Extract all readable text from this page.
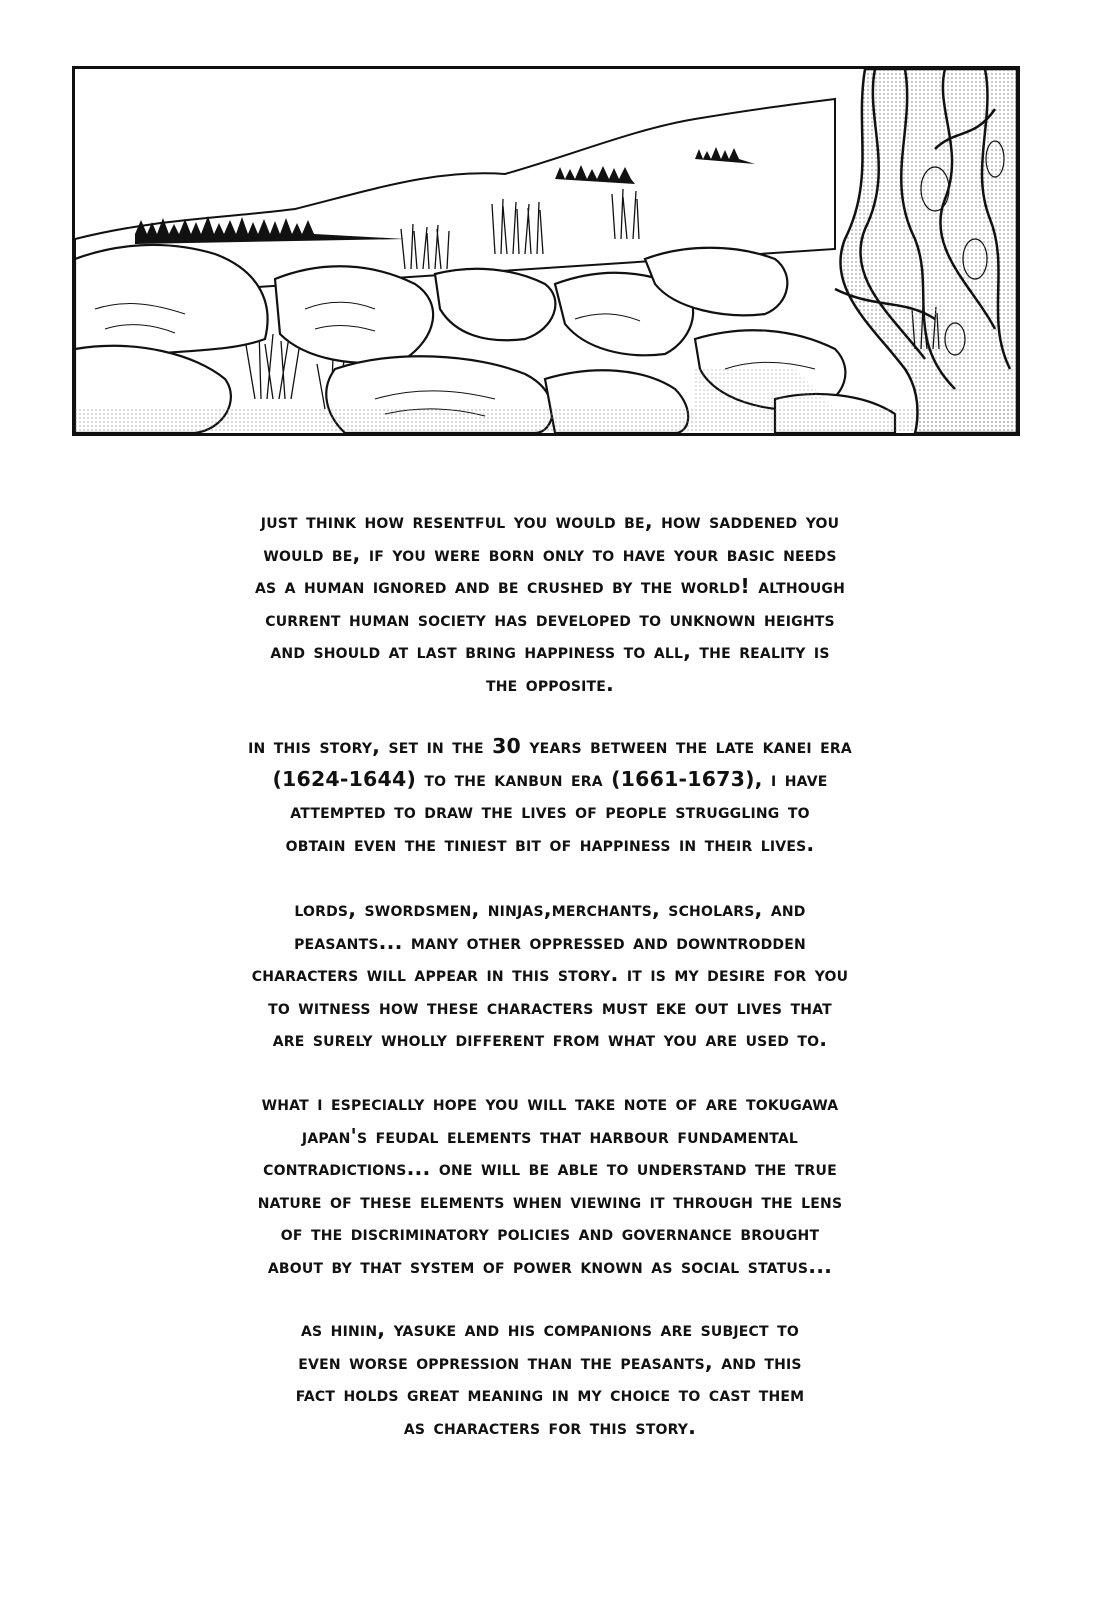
just think how resentful you would be, how saddened you
would be, if you were born only to have your basic needs
as a human ignored and be crushed by the world! although
current human society has developed to unknown heights
and should at last bring happiness to all, the reality is
the opposite.
in this story, set in the 30 years between the late kanei era
(1624-1644) to the kanbun era (1661-1673), i have
attempted to draw the lives of people struggling to
obtain even the tiniest bit of happiness in their lives.
lords, swordsmen, ninjas,merchants, scholars, and
peasants... many other oppressed and downtrodden
characters will appear in this story. it is my desire for you
to witness how these characters must eke out lives that
are surely wholly different from what you are used to.
what i especially hope you will take note of are tokugawa
japan's feudal elements that harbour fundamental
contradictions... one will be able to understand the true
nature of these elements when viewing it through the lens
of the discriminatory policies and governance brought
about by that system of power known as social status...
as hinin, yasuke and his companions are subject to
even worse oppression than the peasants, and this
fact holds great meaning in my choice to cast them
as characters for this story.
